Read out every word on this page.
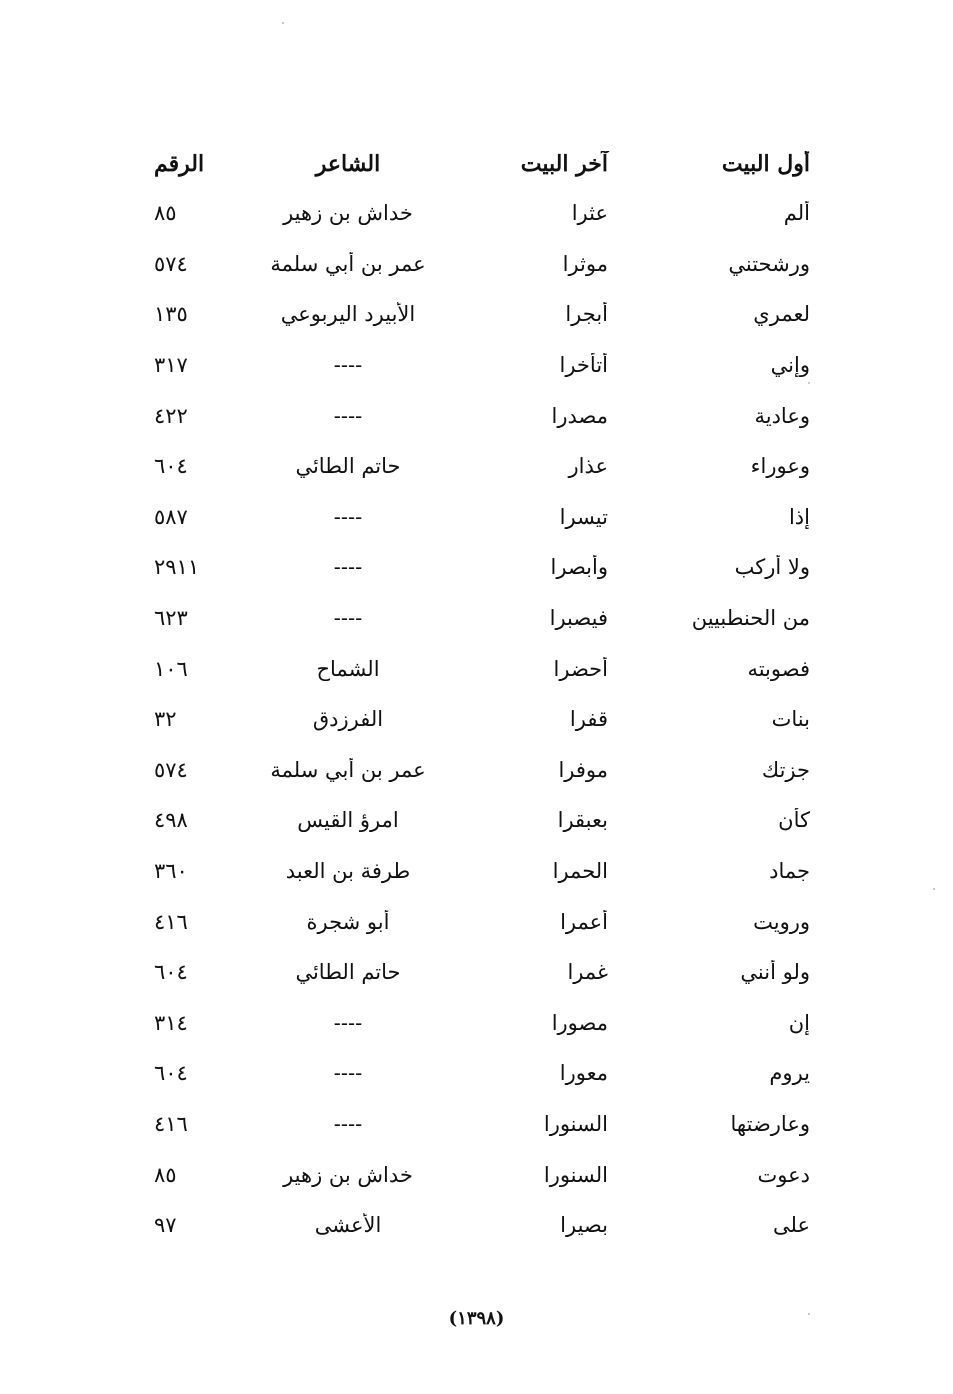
أول البيت
آخر البيت
الشاعر
الرقم
ألم
عثرا
خداش بن زهير
٨٥
ورشحتني
موثرا
عمر بن أبي سلمة
٥٧٤
لعمري
أبجرا
الأبيرد اليربوعي
١٣٥
وإني
أتأخرا
----
٣١٧
وعادية
مصدرا
----
٤٢٢
وعوراء
عذار
حاتم الطائي
٦٠٤
إذا
تيسرا
----
٥٨٧
ولا أركب
وأبصرا
----
٢٩١١
من الحنطبيين
فيصبرا
----
٦٢٣
فصوبته
أحضرا
الشماح
١٠٦
بنات
قفرا
الفرزدق
٣٢
جزتك
موفرا
عمر بن أبي سلمة
٥٧٤
كأن
بعبقرا
امرؤ القيس
٤٩٨
جماد
الحمرا
طرفة بن العبد
٣٦٠
ورويت
أعمرا
أبو شجرة
٤١٦
ولو أنني
غمرا
حاتم الطائي
٦٠٤
إن
مصورا
----
٣١٤
يروم
معورا
----
٦٠٤
وعارضتها
السنورا
----
٤١٦
دعوت
السنورا
خداش بن زهير
٨٥
على
بصيرا
الأعشى
٩٧
(١٣٩٨)
